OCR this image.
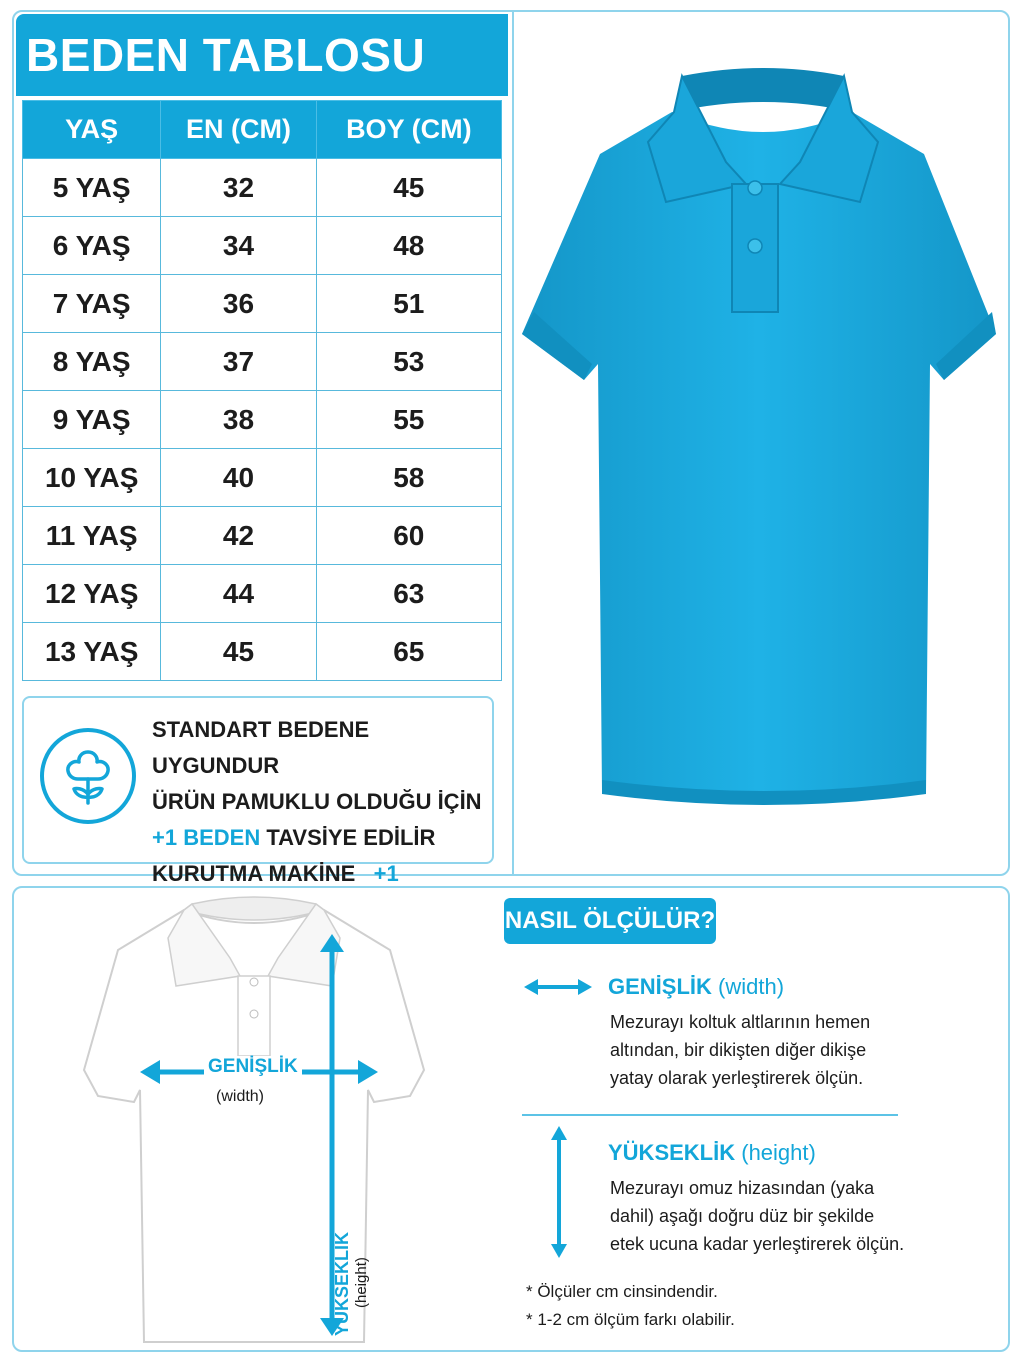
BEDEN TABLOSU
YAŞ	EN (CM)	BOY (CM)
5 YAŞ	32	45
6 YAŞ	34	48
7 YAŞ	36	51
8 YAŞ	37	53
9 YAŞ	38	55
10 YAŞ	40	58
11 YAŞ	42	60
12 YAŞ	44	63
13 YAŞ	45	65
STANDART BEDENE UYGUNDUR
ÜRÜN PAMUKLU OLDUĞU İÇİN
+1 BEDEN TAVSİYE EDİLİR
KURUTMA MAKİNE +1
GENİŞLİK
(width)
YÜKSEKLİK (height)
NASIL ÖLÇÜLÜR?
GENİŞLİK (width)
Mezurayı koltuk altlarının hemen
altından, bir dikişten diğer dikişe
yatay olarak yerleştirerek ölçün.
YÜKSEKLİK (height)
Mezurayı omuz hizasından (yaka
dahil) aşağı doğru düz bir şekilde
etek ucuna kadar yerleştirerek ölçün.
* Ölçüler cm cinsindendir.
* 1-2 cm ölçüm farkı olabilir.
